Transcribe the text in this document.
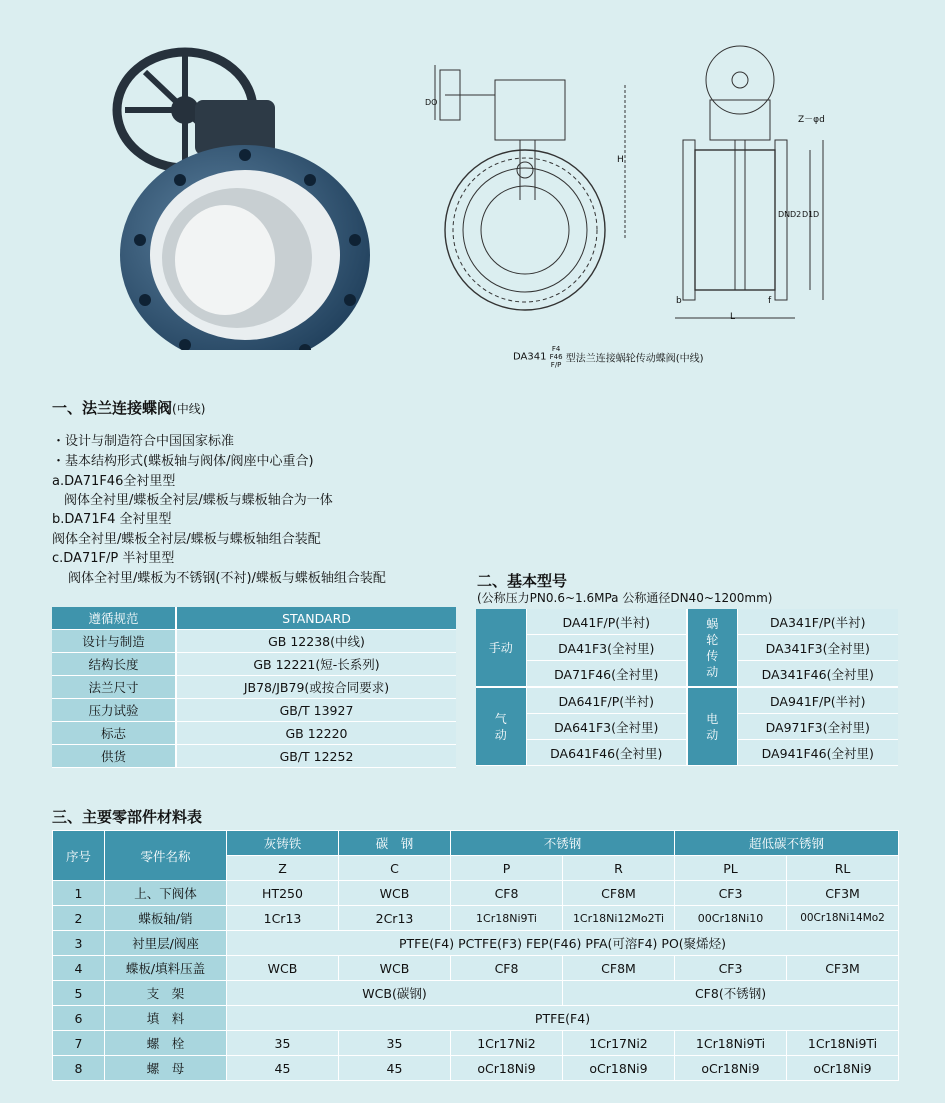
DO
H
Z－φd
DN D2 D1 D
b	f
L
DA341 F4
F46
F/P 型法兰连接蜗轮传动蝶阀(中线)
一、法兰连接蝶阀(中线)
・设计与制造符合中国国家标准
・基本结构形式(蝶板轴与阀体/阀座中心重合)
a.DA71F46全衬里型
阀体全衬里/蝶板全衬层/蝶板与蝶板轴合为一体
b.DA71F4 全衬里型
阀体全衬里/蝶板全衬层/蝶板与蝶板轴组合装配
c.DA71F/P 半衬里型
阀体全衬里/蝶板为不锈钢(不衬)/蝶板与蝶板轴组合装配
遵循规范	STANDARD
设计与制造	GB 12238(中线)
结构长度	GB 12221(短-长系列)
法兰尺寸	JB78/JB79(或按合同要求)
压力试验	GB/T 13927
标志	GB 12220
供货	GB/T 12252
二、基本型号
(公称压力PN0.6~1.6MPa 公称通径DN40~1200mm)
手动	DA41F/P(半衬)	蜗轮传动	DA341F/P(半衬)
	DA41F3(全衬里)		DA341F3(全衬里)
	DA71F46(全衬里)		DA341F46(全衬里)
气动	DA641F/P(半衬)	电动	DA941F/P(半衬)
	DA641F3(全衬里)		DA971F3(全衬里)
	DA641F46(全衬里)		DA941F46(全衬里)
三、主要零部件材料表
序号	零件名称	灰铸铁	碳　钢	不锈钢		超低碳不锈钢	
		Z	C	P	R	PL	RL
1	上、下阀体	HT250	WCB	CF8	CF8M	CF3	CF3M
2	蝶板轴/销	1Cr13	2Cr13	1Cr18Ni9Ti	1Cr18Ni12Mo2Ti	00Cr18Ni10	00Cr18Ni14Mo2
3	衬里层/阀座	PTFE(F4) PCTFE(F3) FEP(F46) PFA(可溶F4) PO(聚烯烃)					
4	蝶板/填料压盖	WCB	WCB	CF8	CF8M	CF3	CF3M
5	支　架	WCB(碳钢)			CF8(不锈钢)		
6	填　料	PTFE(F4)					
7	螺　栓	35	35	1Cr17Ni2	1Cr17Ni2	1Cr18Ni9Ti	1Cr18Ni9Ti
8	螺　母	45	45	oCr18Ni9	oCr18Ni9	oCr18Ni9	oCr18Ni9
